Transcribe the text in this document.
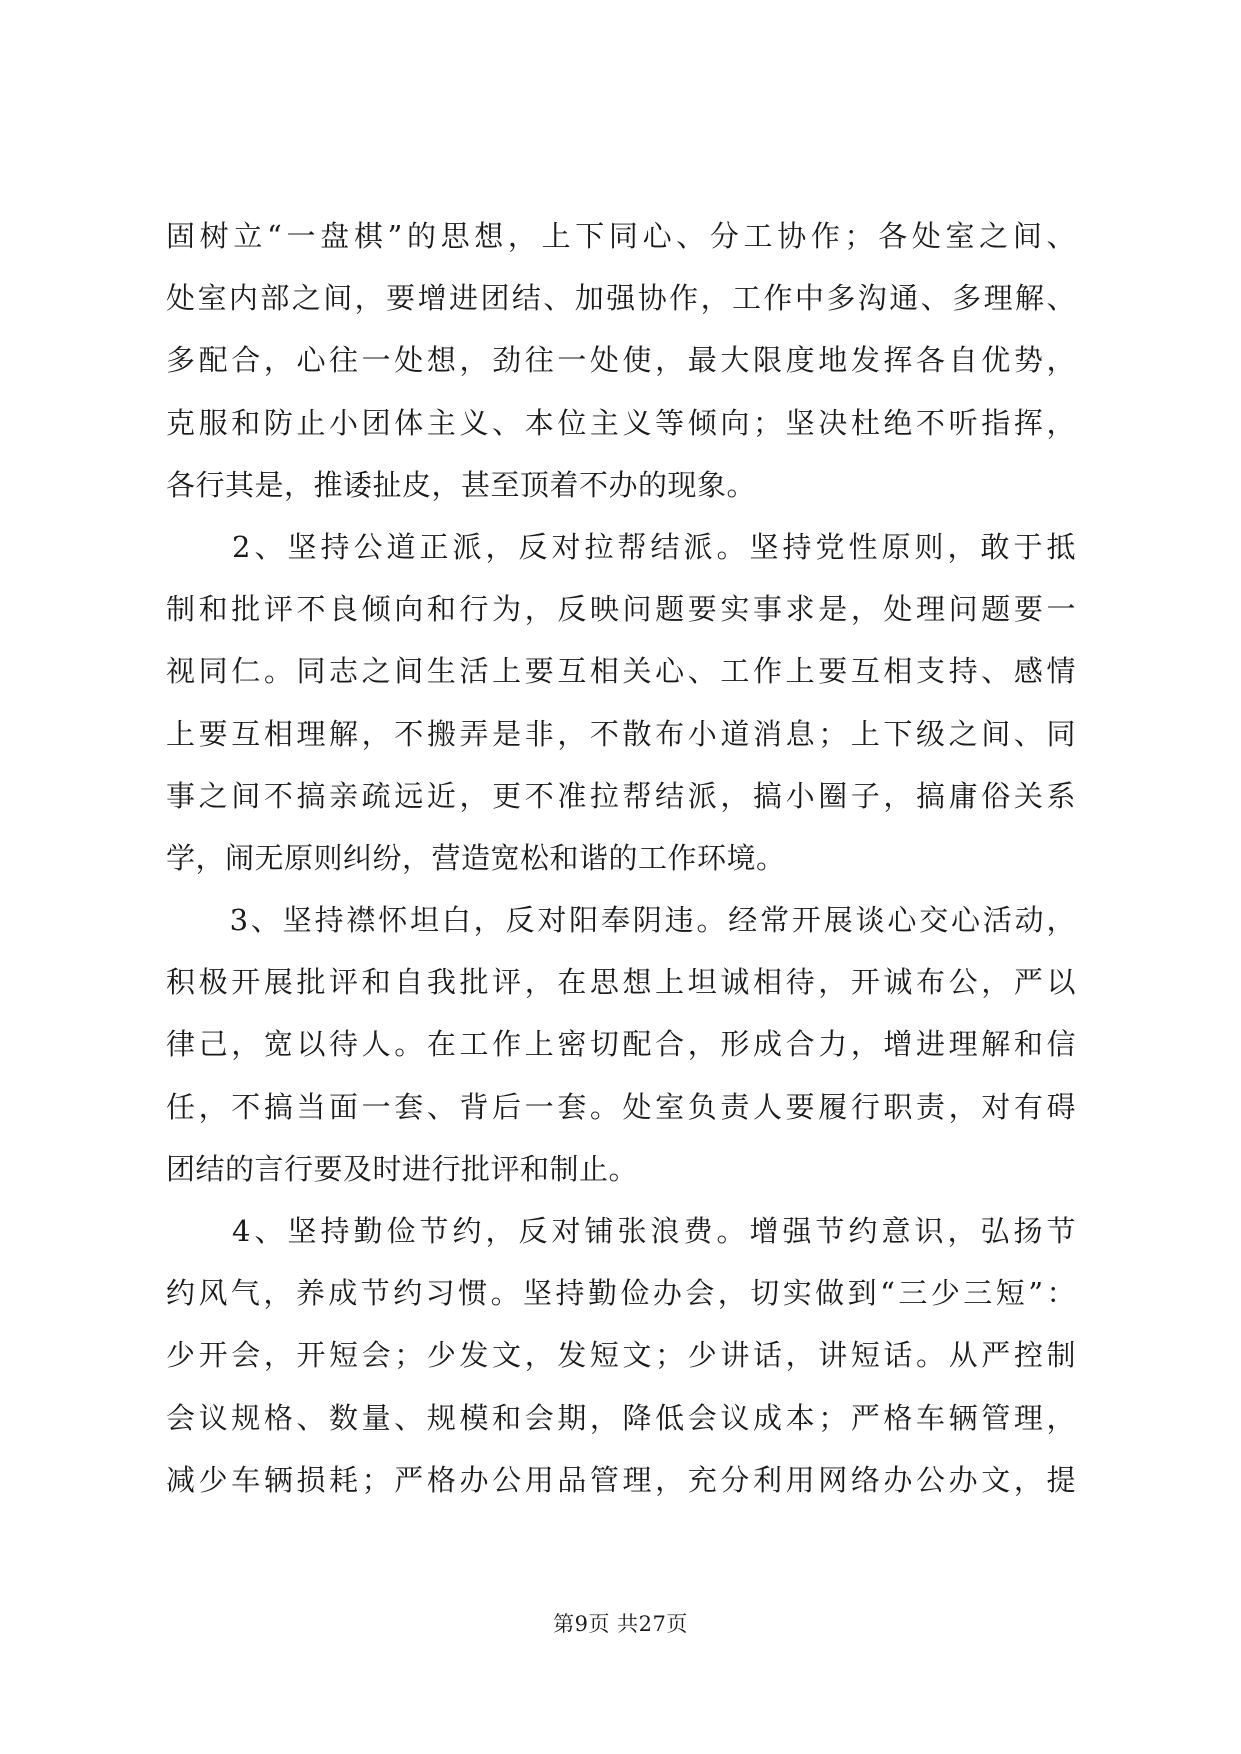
固树立“一盘棋”的思想，上下同心、分工协作；各处室之间、
处室内部之间，要增进团结、加强协作，工作中多沟通、多理解、
多配合，心往一处想，劲往一处使，最大限度地发挥各自优势，
克服和防止小团体主义、本位主义等倾向；坚决杜绝不听指挥，
各行其是，推诿扯皮，甚至顶着不办的现象。
　　2、坚持公道正派，反对拉帮结派。坚持党性原则，敢于抵
制和批评不良倾向和行为，反映问题要实事求是，处理问题要一
视同仁。同志之间生活上要互相关心、工作上要互相支持、感情
上要互相理解，不搬弄是非，不散布小道消息；上下级之间、同
事之间不搞亲疏远近，更不准拉帮结派，搞小圈子，搞庸俗关系
学，闹无原则纠纷，营造宽松和谐的工作环境。
　　3、坚持襟怀坦白，反对阳奉阴违。经常开展谈心交心活动，
积极开展批评和自我批评，在思想上坦诚相待，开诚布公，严以
律己，宽以待人。在工作上密切配合，形成合力，增进理解和信
任，不搞当面一套、背后一套。处室负责人要履行职责，对有碍
团结的言行要及时进行批评和制止。
　　4、坚持勤俭节约，反对铺张浪费。增强节约意识，弘扬节
约风气，养成节约习惯。坚持勤俭办会，切实做到“三少三短”：
少开会，开短会；少发文，发短文；少讲话，讲短话。从严控制
会议规格、数量、规模和会期，降低会议成本；严格车辆管理，
减少车辆损耗；严格办公用品管理，充分利用网络办公办文，提
第9页 共27页
